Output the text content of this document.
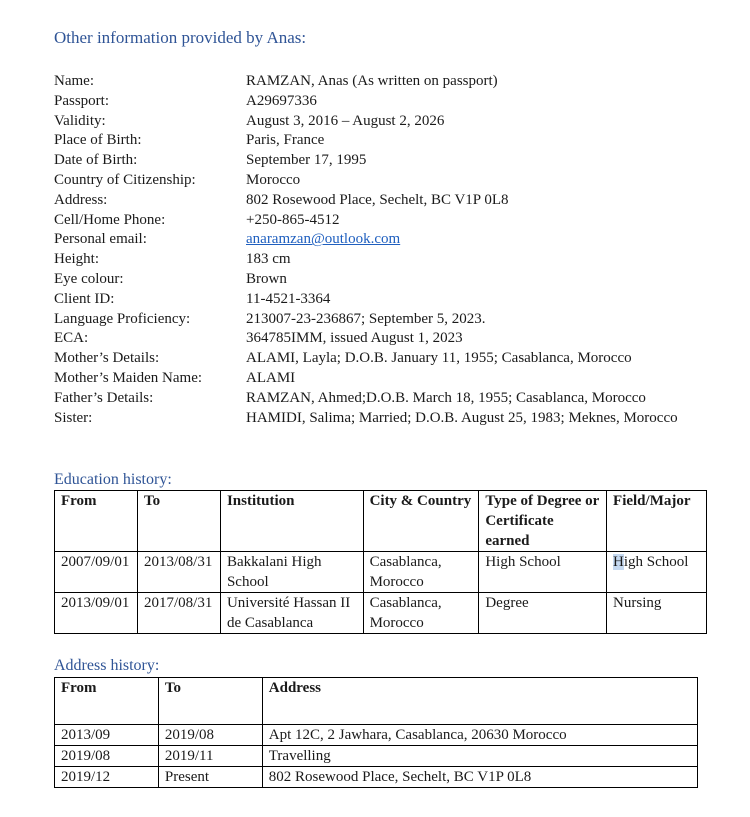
Other information provided by Anas:
Name:	RAMZAN, Anas (As written on passport)
Passport:	A29697336
Validity:	August 3, 2016 – August 2, 2026
Place of Birth:	Paris, France
Date of Birth:	September 17, 1995
Country of Citizenship:	Morocco
Address:	802 Rosewood Place, Sechelt, BC V1P 0L8
Cell/Home Phone:	+250-865-4512
Personal email:	anaramzan@outlook.com
Height:	183 cm
Eye colour:	Brown
Client ID:	11-4521-3364
Language Proficiency:	213007-23-236867; September 5, 2023.
ECA:	364785IMM, issued August 1, 2023
Mother’s Details:	ALAMI, Layla; D.O.B. January 11, 1955; Casablanca, Morocco
Mother’s Maiden Name:	ALAMI
Father’s Details:	RAMZAN, Ahmed;D.O.B. March 18, 1955; Casablanca, Morocco
Sister:	HAMIDI, Salima; Married; D.O.B. August 25, 1983; Meknes, Morocco
Education history:
From	To	Institution	City & Country	Type of Degree or Certificate earned	Field/Major
2007/09/01	2013/08/31	Bakkalani High School	Casablanca, Morocco	High School	High School
2013/09/01	2017/08/31	Université Hassan II de Casablanca	Casablanca, Morocco	Degree	Nursing
Address history:
From	To	Address
2013/09	2019/08	Apt 12C, 2 Jawhara, Casablanca, 20630 Morocco
2019/08	2019/11	Travelling
2019/12	Present	802 Rosewood Place, Sechelt, BC V1P 0L8
